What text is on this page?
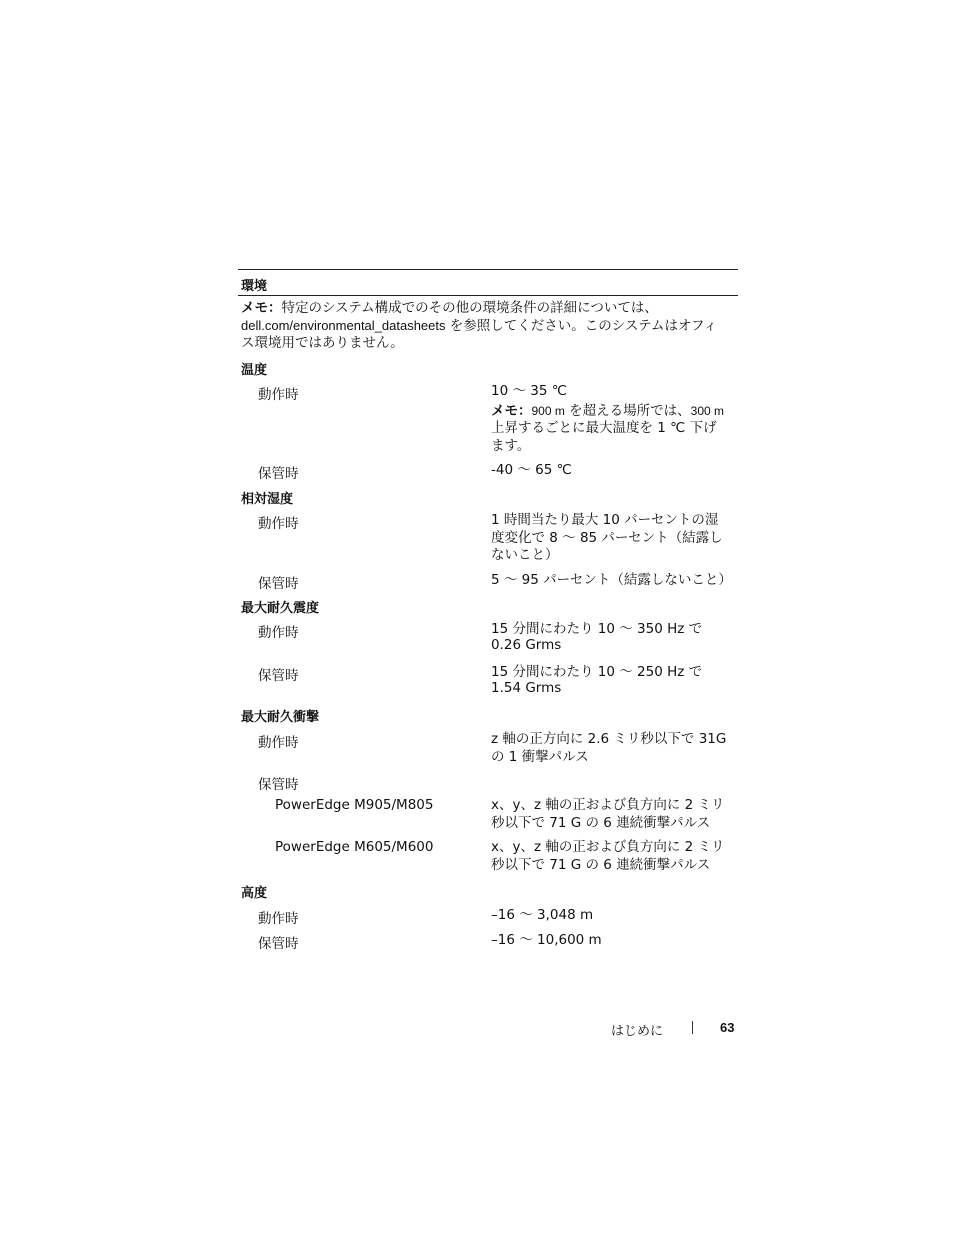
環境
メモ：特定のシステム構成でのその他の環境条件の詳細については、
dell.com/environmental_datasheets を参照してください。このシステムはオフィ
ス環境用ではありません。
温度
動作時	10 〜 35 ℃
メモ：900 m を超える場所では、300 m
上昇するごとに最大温度を 1 ℃ 下げ
ます。
保管時	-40 〜 65 ℃
相対湿度
動作時	1 時間当たり最大 10 パーセントの湿
度変化で 8 〜 85 パーセント（結露し
ないこと）
保管時	5 〜 95 パーセント（結露しないこと）
最大耐久震度
動作時	15 分間にわたり 10 〜 350 Hz で
0.26 Grms
保管時	15 分間にわたり 10 〜 250 Hz で
1.54 Grms
最大耐久衝撃
動作時	z 軸の正方向に 2.6 ミリ秒以下で 31G
の 1 衝撃パルス
保管時
PowerEdge M905/M805	x、y、z 軸の正および負方向に 2 ミリ
秒以下で 71 G の 6 連続衝撃パルス
PowerEdge M605/M600	x、y、z 軸の正および負方向に 2 ミリ
秒以下で 71 G の 6 連続衝撃パルス
高度
動作時	–16 〜 3,048 m
保管時	–16 〜 10,600 m
はじめに	63
